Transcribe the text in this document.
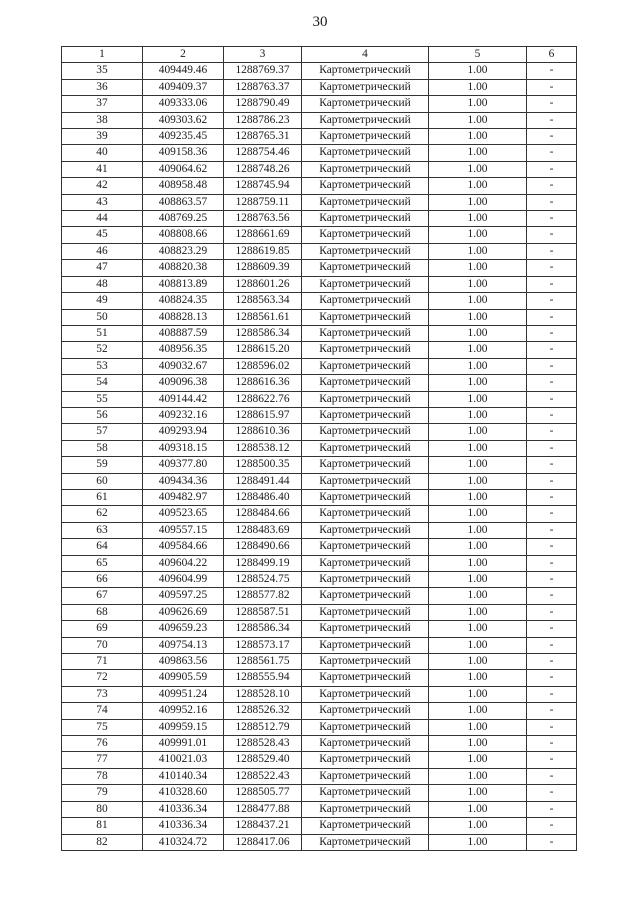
30
1	2	3	4	5	6
35	409449.46	1288769.37	Картометрический	1.00	-
36	409409.37	1288763.37	Картометрический	1.00	-
37	409333.06	1288790.49	Картометрический	1.00	-
38	409303.62	1288786.23	Картометрический	1.00	-
39	409235.45	1288765.31	Картометрический	1.00	-
40	409158.36	1288754.46	Картометрический	1.00	-
41	409064.62	1288748.26	Картометрический	1.00	-
42	408958.48	1288745.94	Картометрический	1.00	-
43	408863.57	1288759.11	Картометрический	1.00	-
44	408769.25	1288763.56	Картометрический	1.00	-
45	408808.66	1288661.69	Картометрический	1.00	-
46	408823.29	1288619.85	Картометрический	1.00	-
47	408820.38	1288609.39	Картометрический	1.00	-
48	408813.89	1288601.26	Картометрический	1.00	-
49	408824.35	1288563.34	Картометрический	1.00	-
50	408828.13	1288561.61	Картометрический	1.00	-
51	408887.59	1288586.34	Картометрический	1.00	-
52	408956.35	1288615.20	Картометрический	1.00	-
53	409032.67	1288596.02	Картометрический	1.00	-
54	409096.38	1288616.36	Картометрический	1.00	-
55	409144.42	1288622.76	Картометрический	1.00	-
56	409232.16	1288615.97	Картометрический	1.00	-
57	409293.94	1288610.36	Картометрический	1.00	-
58	409318.15	1288538.12	Картометрический	1.00	-
59	409377.80	1288500.35	Картометрический	1.00	-
60	409434.36	1288491.44	Картометрический	1.00	-
61	409482.97	1288486.40	Картометрический	1.00	-
62	409523.65	1288484.66	Картометрический	1.00	-
63	409557.15	1288483.69	Картометрический	1.00	-
64	409584.66	1288490.66	Картометрический	1.00	-
65	409604.22	1288499.19	Картометрический	1.00	-
66	409604.99	1288524.75	Картометрический	1.00	-
67	409597.25	1288577.82	Картометрический	1.00	-
68	409626.69	1288587.51	Картометрический	1.00	-
69	409659.23	1288586.34	Картометрический	1.00	-
70	409754.13	1288573.17	Картометрический	1.00	-
71	409863.56	1288561.75	Картометрический	1.00	-
72	409905.59	1288555.94	Картометрический	1.00	-
73	409951.24	1288528.10	Картометрический	1.00	-
74	409952.16	1288526.32	Картометрический	1.00	-
75	409959.15	1288512.79	Картометрический	1.00	-
76	409991.01	1288528.43	Картометрический	1.00	-
77	410021.03	1288529.40	Картометрический	1.00	-
78	410140.34	1288522.43	Картометрический	1.00	-
79	410328.60	1288505.77	Картометрический	1.00	-
80	410336.34	1288477.88	Картометрический	1.00	-
81	410336.34	1288437.21	Картометрический	1.00	-
82	410324.72	1288417.06	Картометрический	1.00	-
